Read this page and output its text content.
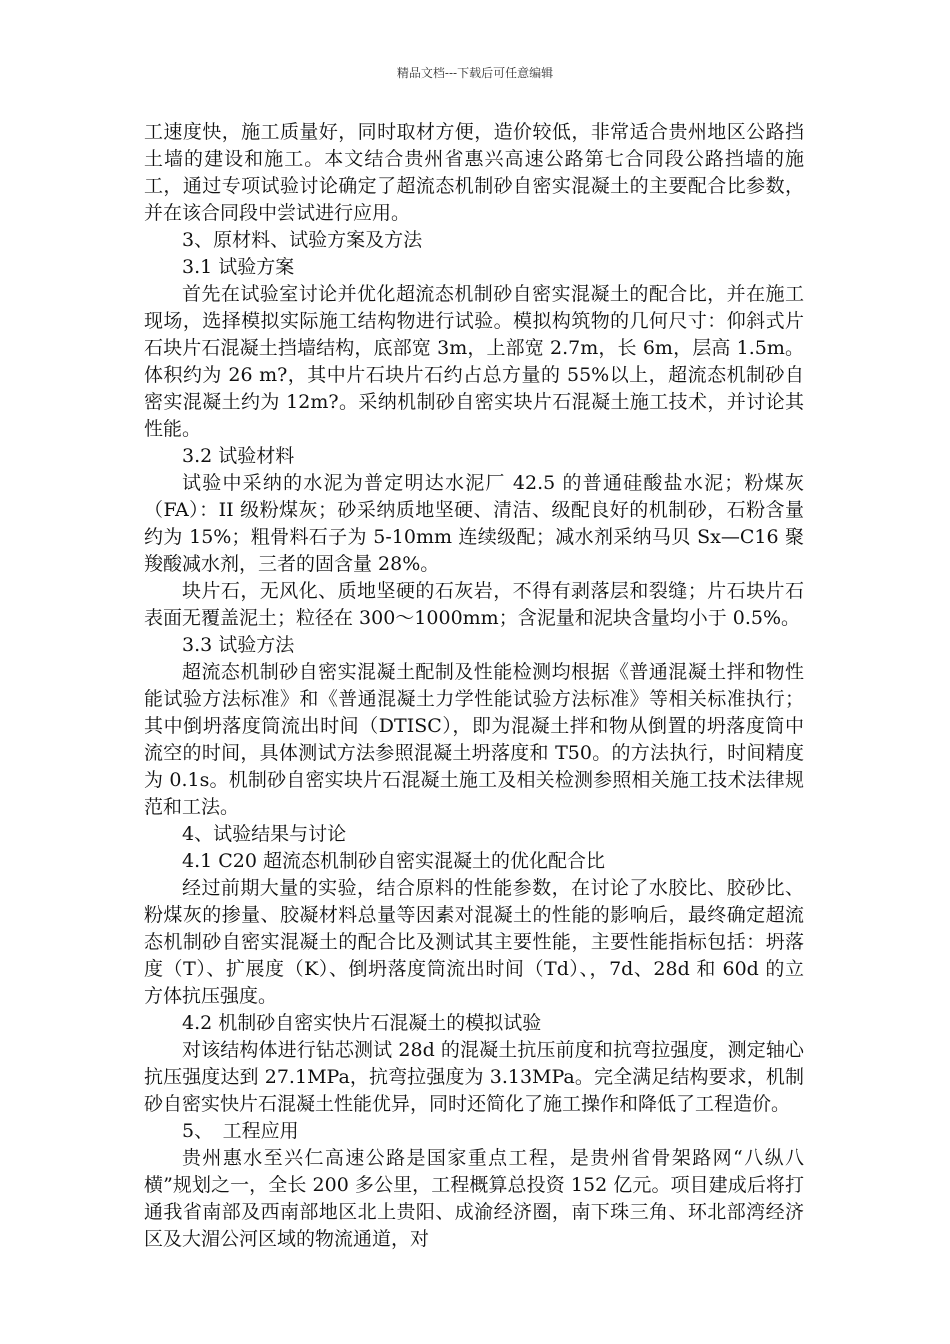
精品文档---下载后可任意编辑

工速度快，施工质量好，同时取材方便，造价较低，非常适合贵州地区公路挡土墙的建设和施工。本文结合贵州省惠兴高速公路第七合同段公路挡墙的施工，通过专项试验讨论确定了超流态机制砂自密实混凝土的主要配合比参数，并在该合同段中尝试进行应用。

3、原材料、试验方案及方法

3.1 试验方案

首先在试验室讨论并优化超流态机制砂自密实混凝土的配合比，并在施工现场，选择模拟实际施工结构物进行试验。模拟构筑物的几何尺寸：仰斜式片石块片石混凝土挡墙结构，底部宽 3m，上部宽 2.7m，长 6m，层高 1.5m。体积约为 26 m?，其中片石块片石约占总方量的 55%以上，超流态机制砂自密实混凝土约为 12m?。采纳机制砂自密实块片石混凝土施工技术，并讨论其性能。

3.2 试验材料

试验中采纳的水泥为普定明达水泥厂 42.5 的普通硅酸盐水泥；粉煤灰（FA）：II 级粉煤灰；砂采纳质地坚硬、清洁、级配良好的机制砂，石粉含量约为 15%；粗骨料石子为 5-10mm 连续级配；减水剂采纳马贝 Sx—C16 聚羧酸减水剂，三者的固含量 28%。

块片石，无风化、质地坚硬的石灰岩，不得有剥落层和裂缝；片石块片石表面无覆盖泥土；粒径在 300～1000mm；含泥量和泥块含量均小于 0.5%。

3.3 试验方法

超流态机制砂自密实混凝土配制及性能检测均根据《普通混凝土拌和物性能试验方法标准》和《普通混凝土力学性能试验方法标准》等相关标准执行；其中倒坍落度筒流出时间（DTISC），即为混凝土拌和物从倒置的坍落度筒中流空的时间，具体测试方法参照混凝土坍落度和 T50。的方法执行，时间精度为 0.1s。机制砂自密实块片石混凝土施工及相关检测参照相关施工技术法律规范和工法。

4、试验结果与讨论

4.1 C20 超流态机制砂自密实混凝土的优化配合比

经过前期大量的实验，结合原料的性能参数，在讨论了水胶比、胶砂比、粉煤灰的掺量、胶凝材料总量等因素对混凝土的性能的影响后，最终确定超流态机制砂自密实混凝土的配合比及测试其主要性能，主要性能指标包括：坍落度（T）、扩展度（K）、倒坍落度筒流出时间（Td）、，7d、28d 和 60d 的立方体抗压强度。

4.2 机制砂自密实快片石混凝土的模拟试验

对该结构体进行钻芯测试 28d 的混凝土抗压前度和抗弯拉强度，测定轴心抗压强度达到 27.1MPa，抗弯拉强度为 3.13MPa。完全满足结构要求，机制砂自密实快片石混凝土性能优异，同时还简化了施工操作和降低了工程造价。

5、　工程应用

贵州惠水至兴仁高速公路是国家重点工程，是贵州省骨架路网“八纵八横”规划之一，全长 200 多公里，工程概算总投资 152 亿元。项目建成后将打通我省南部及西南部地区北上贵阳、成渝经济圈，南下珠三角、环北部湾经济区及大湄公河区域的物流通道，对
